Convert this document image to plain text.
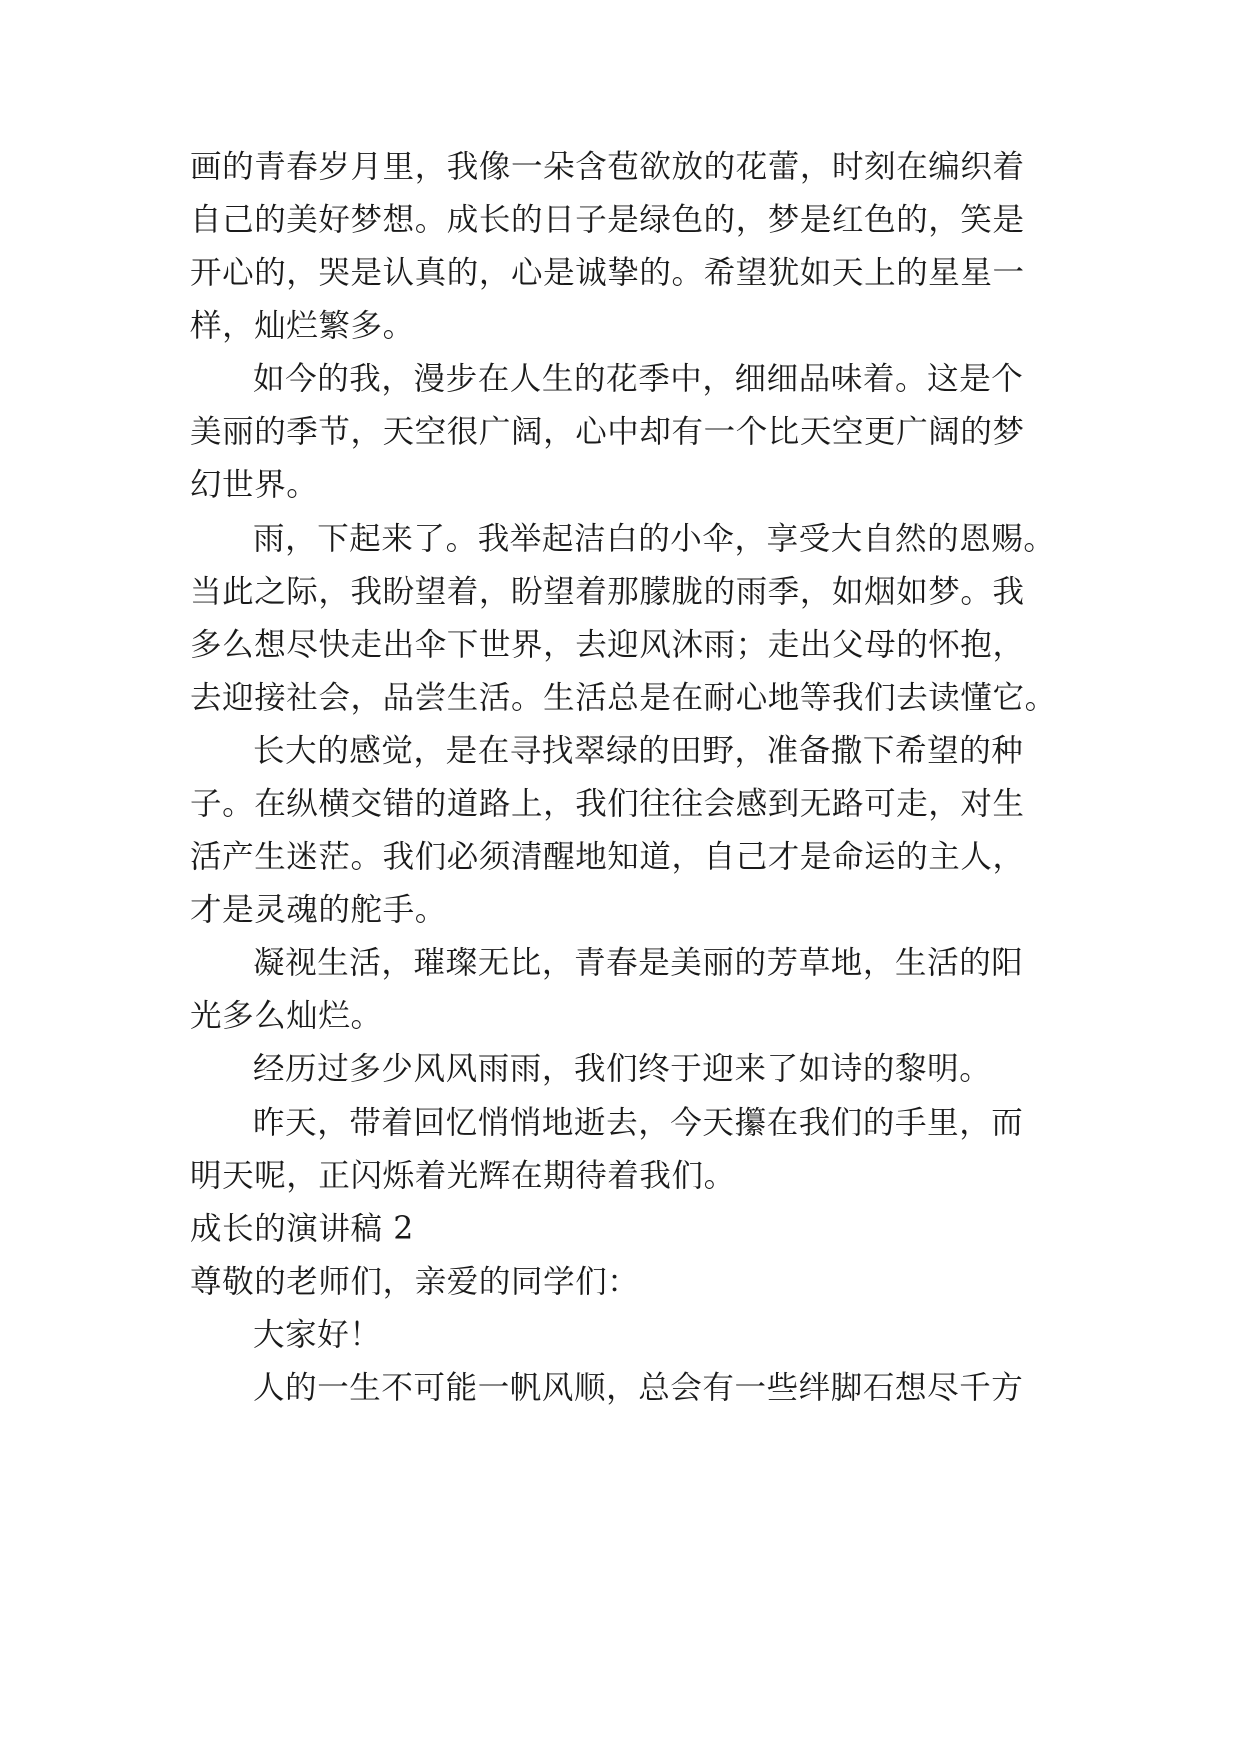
画的青春岁月里，我像一朵含苞欲放的花蕾，时刻在编织着
自己的美好梦想。成长的日子是绿色的，梦是红色的，笑是
开心的，哭是认真的，心是诚挚的。希望犹如天上的星星一
样，灿烂繁多。
如今的我，漫步在人生的花季中，细细品味着。这是个
美丽的季节，天空很广阔，心中却有一个比天空更广阔的梦
幻世界。
雨，下起来了。我举起洁白的小伞，享受大自然的恩赐。
当此之际，我盼望着，盼望着那朦胧的雨季，如烟如梦。我
多么想尽快走出伞下世界，去迎风沐雨；走出父母的怀抱，
去迎接社会，品尝生活。生活总是在耐心地等我们去读懂它。
长大的感觉，是在寻找翠绿的田野，准备撒下希望的种
子。在纵横交错的道路上，我们往往会感到无路可走，对生
活产生迷茫。我们必须清醒地知道，自己才是命运的主人，
才是灵魂的舵手。
凝视生活，璀璨无比，青春是美丽的芳草地，生活的阳
光多么灿烂。
经历过多少风风雨雨，我们终于迎来了如诗的黎明。
昨天，带着回忆悄悄地逝去，今天攥在我们的手里，而
明天呢，正闪烁着光辉在期待着我们。
成长的演讲稿 2
尊敬的老师们，亲爱的同学们：
大家好！
人的一生不可能一帆风顺，总会有一些绊脚石想尽千方
